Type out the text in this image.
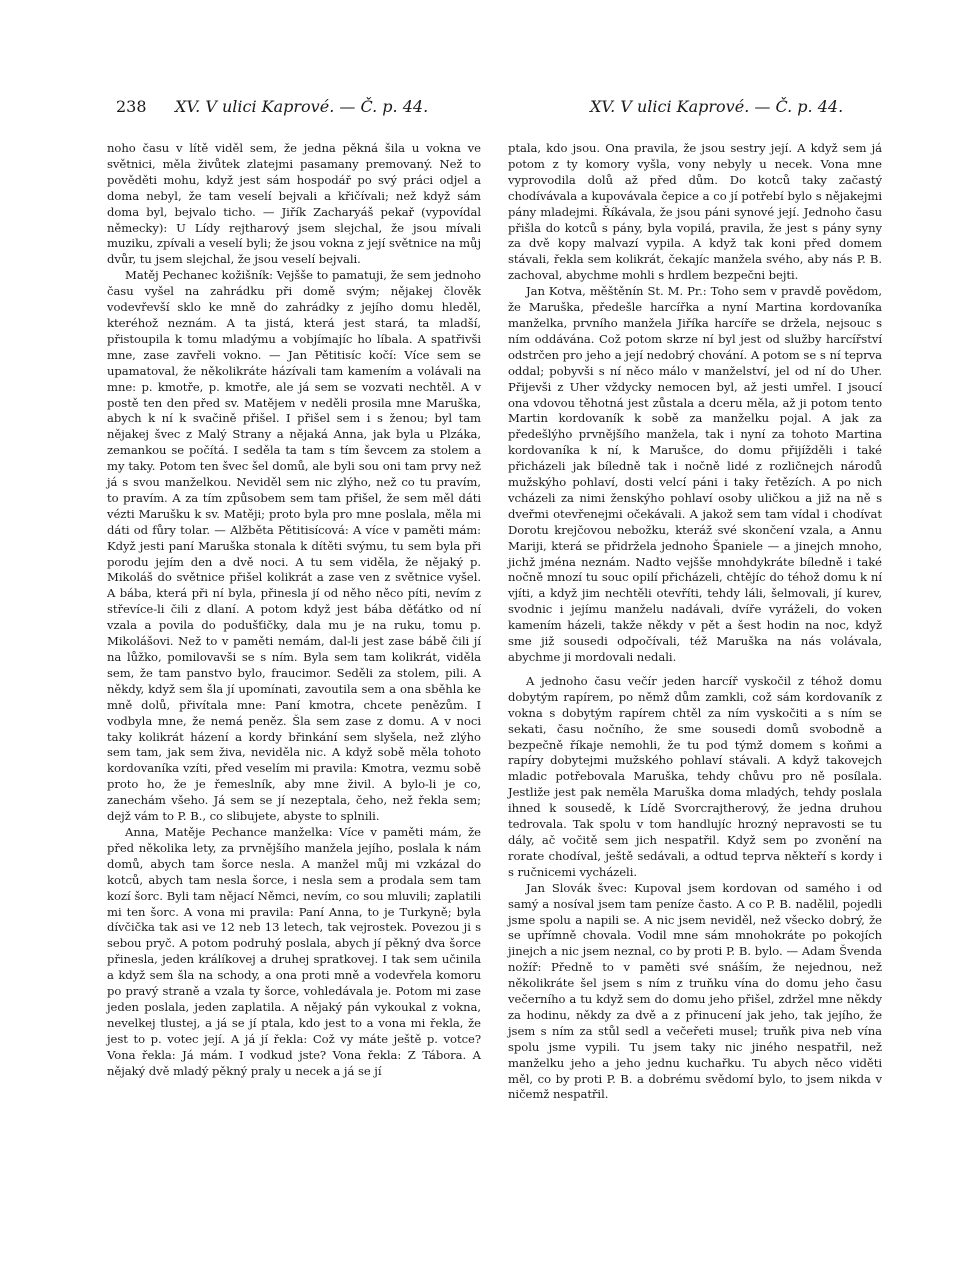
238 XV. V ulici Kaprové. — Č. p. 44.	XV. V ulici Kaprové. — Č. p. 44.

noho času v lítě viděl sem, že jedna pěkná šila u vokna ve světnici, měla živůtek zlatejmi pasamany premovaný. Než to pověděti mohu, když jest sám hospodář po svý práci odjel a doma nebyl, že tam veselí bejvali a křičívali; než když sám doma byl, bejvalo ticho. — Jiřík Zacharyáš pekař (vypovídal německy): U Lídy rejtharový jsem slejchal, že jsou mívali muziku, zpívali a veselí byli; že jsou vokna z její světnice na můj dvůr, tu jsem slejchal, že jsou veselí bejvali.

Matěj Pechanec kožišník: Vejšše to pamatuji, že sem jednoho času vyšel na zahrádku při domě svým; nějakej člověk vodevřevší sklo ke mně do zahrádky z jejího domu hleděl, kteréhož neznám. A ta jistá, která jest stará, ta mladší, přistoupila k tomu mladýmu a vobjímajíc ho líbala. A spatřivši mne, zase zavřeli vokno. — Jan Pětitisíc kočí: Více sem se upamatoval, že několikráte házívali tam kamením a volávali na mne: p. kmotře, p. kmotře, ale já sem se vozvati nechtěl. A v postě ten den před sv. Matějem v neděli prosila mne Maruška, abych k ní k svačině přišel. I přišel sem i s ženou; byl tam nějakej švec z Malý Strany a nějaká Anna, jak byla u Plzáka, zemankou se počítá. I seděla ta tam s tím ševcem za stolem a my taky. Potom ten švec šel domů, ale byli sou oni tam prvy než já s svou manželkou. Neviděl sem nic zlýho, než co tu pravím, to pravím. A za tím způsobem sem tam přišel, že sem měl dáti vézti Marušku k sv. Matěji; proto byla pro mne poslala, měla mi dáti od fůry tolar. — Alžběta Pětitisícová: A více v paměti mám: Když jesti paní Maruška stonala k dítěti svýmu, tu sem byla při porodu jejím den a dvě noci. A tu sem viděla, že nějaký p. Mikoláš do světnice přišel kolikrát a zase ven z světnice vyšel. A bába, která při ní byla, přinesla jí od něho něco píti, nevím z střevíce-li čili z dlaní. A potom když jest bába děťátko od ní vzala a povila do podušťičky, dala mu je na ruku, tomu p. Mikolášovi. Než to v paměti nemám, dal-li jest zase bábě čili jí na lůžko, pomilovavši se s ním. Byla sem tam kolikrát, viděla sem, že tam panstvo bylo, fraucimor. Seděli za stolem, pili. A někdy, když sem šla jí upomínati, zavoutila sem a ona sběhla ke mně dolů, přivítala mne: Paní kmotra, chcete penězům. I vodbyla mne, že nemá peněz. Šla sem zase z domu. A v noci taky kolikrát házení a kordy břinkání sem slyšela, než zlýho sem tam, jak sem živa, neviděla nic. A když sobě měla tohoto kordovaníka vzíti, před veselím mi pravila: Kmotra, vezmu sobě proto ho, že je řemeslník, aby mne živil. A bylo-li je co, zanechám všeho. Já sem se jí nezeptala, čeho, než řekla sem; dejž vám to P. B., co slibujete, abyste to splnili.

Anna, Matěje Pechance manželka: Více v paměti mám, že před několika lety, za prvnějšího manžela jejího, poslala k nám domů, abych tam šorce nesla. A manžel můj mi vzkázal do kotců, abych tam nesla šorce, i nesla sem a prodala sem tam kozí šorc. Byli tam nějací Němci, nevím, co sou mluvili; zaplatili mi ten šorc. A vona mi pravila: Paní Anna, to je Turkyně; byla dívčička tak asi ve 12 neb 13 letech, tak vejrostek. Povezou ji s sebou pryč. A potom podruhý poslala, abych jí pěkný dva šorce přinesla, jeden králíkovej a druhej spratkovej. I tak sem učinila a když sem šla na schody, a ona proti mně a vodevřela komoru po pravý straně a vzala ty šorce, vohledávala je. Potom mi zase jeden poslala, jeden zaplatila. A nějaký pán vykoukal z vokna, nevelkej tlustej, a já se jí ptala, kdo jest to a vona mi řekla, že jest to p. votec její. A já jí řekla: Což vy máte ještě p. votce? Vona řekla: Já mám. I vodkud jste? Vona řekla: Z Tábora. A nějaký dvě mladý pěkný praly u necek a já se jí

ptala, kdo jsou. Ona pravila, že jsou sestry její. A když sem já potom z ty komory vyšla, vony nebyly u necek. Vona mne vyprovodila dolů až před dům. Do kotců taky začastý chodívávala a kupovávala čepice a co jí potřebí bylo s nějakejmi pány mladejmi. Říkávala, že jsou páni synové její. Jednoho času přišla do kotců s pány, byla vopilá, pravila, že jest s pány syny za dvě kopy malvazí vypila. A když tak koni před domem stávali, řekla sem kolikrát, čekajíc manžela svého, aby nás P. B. zachoval, abychme mohli s hrdlem bezpečni bejti.

Jan Kotva, měštěnín St. M. Pr.: Toho sem v pravdě povědom, že Maruška, předešle harcířka a nyní Martina kordovaníka manželka, prvního manžela Jiříka harcíře se držela, nejsouc s ním oddávána. Což potom skrze ní byl jest od služby harcířství odstrčen pro jeho a její nedobrý chování. A potom se s ní teprva oddal; pobyvši s ní něco málo v manželství, jel od ní do Uher. Přijevši z Uher vždycky nemocen byl, až jesti umřel. I jsoucí ona vdovou těhotná jest zůstala a dceru měla, až ji potom tento Martin kordovaník k sobě za manželku pojal. A jak za předešlýho prvnějšího manžela, tak i nyní za tohoto Martina kordovaníka k ní, k Marušce, do domu přijížděli i také přicházeli jak bíledně tak i nočně lidé z rozličnejch národů mužskýho pohlaví, dosti velcí páni i taky řetězích. A po nich vcházeli za nimi ženskýho pohlaví osoby uličkou a již na ně s dveřmi otevřenejmi očekávali. A jakož sem tam vídal i chodívat Dorotu krejčovou nebožku, kteráž své skončení vzala, a Annu Mariji, která se přidržela jednoho Španiele — a jinejch mnoho, jichž jména neznám. Nadto vejšše mnohdykráte bíledně i také nočně mnozí tu souc opilí přicházeli, chtějíc do téhož domu k ní vjíti, a když jim nechtěli otevříti, tehdy láli, šelmovali, jí kurev, svodnic i jejímu manželu nadávali, dvíře vyráželi, do voken kamením házeli, takže někdy v pět a šest hodin na noc, když sme již sousedi odpočívali, též Maruška na nás volávala, abychme ji mordovali nedali.

A jednoho času večír jeden harcíř vyskočil z téhož domu dobytým rapírem, po němž dům zamkli, což sám kordovaník z vokna s dobytým rapírem chtěl za ním vyskočiti a s ním se sekati, času nočního, že sme sousedi domů svobodně a bezpečně říkaje nemohli, že tu pod týmž domem s koňmi a rapíry dobytejmi mužského pohlaví stávali. A když takovejch mladic potřebovala Maruška, tehdy chůvu pro ně posílala. Jestliže jest pak neměla Maruška doma mladých, tehdy poslala ihned k sousedě, k Lídě Svorcrajtherový, že jedna druhou tedrovala. Tak spolu v tom handlujíc hrozný nepravosti se tu dály, ač vočitě sem jich nespatřil. Když sem po zvonění na rorate chodíval, ještě sedávali, a odtud teprva někteří s kordy i s ručnicemi vycházeli.

Jan Slovák švec: Kupoval jsem kordovan od samého i od samý a nosíval jsem tam peníze často. A co P. B. nadělil, pojedli jsme spolu a napili se. A nic jsem neviděl, než všecko dobrý, že se upřímně chovala. Vodil mne sám mnohokráte po pokojích jinejch a nic jsem neznal, co by proti P. B. bylo. — Adam Švenda nožíř: Předně to v paměti své snáším, že nejednou, než několikráte šel jsem s ním z truňku vína do domu jeho času večerního a tu když sem do domu jeho přišel, zdržel mne někdy za hodinu, někdy za dvě a z přinucení jak jeho, tak jejího, že jsem s ním za stůl sedl a večeřeti musel; truňk piva neb vína spolu jsme vypili. Tu jsem taky nic jiného nespatřil, než manželku jeho a jeho jednu kuchařku. Tu abych něco viděti měl, co by proti P. B. a dobrému svědomí bylo, to jsem nikda v ničemž nespatřil.
